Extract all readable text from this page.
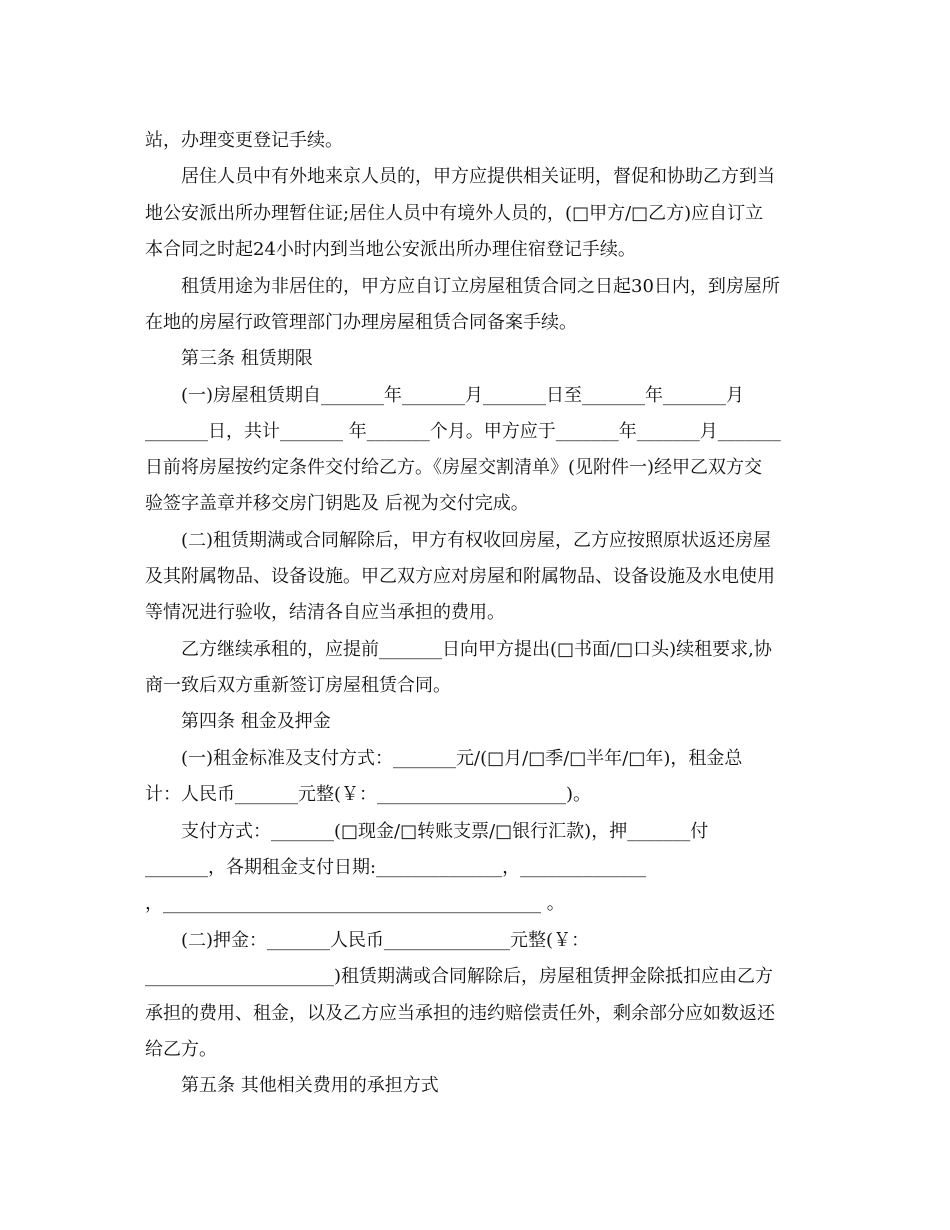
站，办理变更登记手续。
居住人员中有外地来京人员的，甲方应提供相关证明，督促和协助乙方到当
地公安派出所办理暂住证;居住人员中有境外人员的，(□甲方/□乙方)应自订立
本合同之时起24小时内到当地公安派出所办理住宿登记手续。
租赁用途为非居住的，甲方应自订立房屋租赁合同之日起30日内，到房屋所
在地的房屋行政管理部门办理房屋租赁合同备案手续。
第三条 租赁期限
(一)房屋租赁期自_______年_______月_______日至_______年_______月
_______日，共计_______ 年_______个月。甲方应于_______年_______月_______
日前将房屋按约定条件交付给乙方。《房屋交割清单》(见附件一)经甲乙双方交
验签字盖章并移交房门钥匙及 后视为交付完成。
(二)租赁期满或合同解除后，甲方有权收回房屋，乙方应按照原状返还房屋
及其附属物品、设备设施。甲乙双方应对房屋和附属物品、设备设施及水电使用
等情况进行验收，结清各自应当承担的费用。
乙方继续承租的，应提前_______日向甲方提出(□书面/□口头)续租要求,协
商一致后双方重新签订房屋租赁合同。
第四条 租金及押金
(一)租金标准及支付方式：_______元/(□月/□季/□半年/□年)，租金总
计：人民币_______元整(￥：_____________________)。
支付方式：_______(□现金/□转账支票/□银行汇款)，押_______付
_______，各期租金支付日期:______________，______________
，__________________________________________ 。
(二)押金：_______人民币______________元整(￥：
_____________________)租赁期满或合同解除后，房屋租赁押金除抵扣应由乙方
承担的费用、租金，以及乙方应当承担的违约赔偿责任外，剩余部分应如数返还
给乙方。
第五条 其他相关费用的承担方式
